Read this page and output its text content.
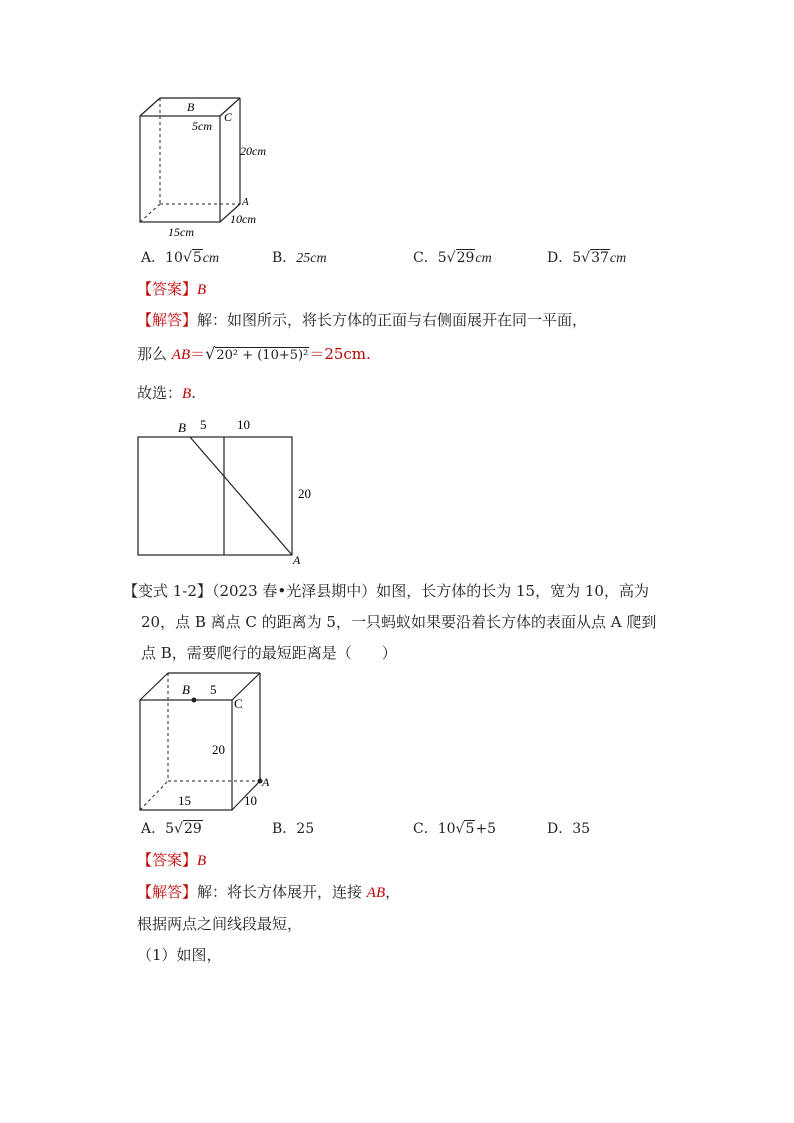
B
C
A
5cm
20cm
15cm
10cm
A．10√5cm	B．25cm	C．5√29cm	D．5√37cm
【答案】B
【解答】解：如图所示，将长方体的正面与右侧面展开在同一平面，
那么 AB＝√20² + (10+5)²＝25cm.
故选：B.
B 5 10
20
A
【变式 1-2】（2023 春•光泽县期中）如图，长方体的长为 15，宽为 10，高为
20，点 B 离点 C 的距离为 5，一只蚂蚁如果要沿着长方体的表面从点 A 爬到
点 B，需要爬行的最短距离是（　　）
B 5
C
20
A
15	10
A．5√29	B．25	C．10√5+5	D．35
【答案】B
【解答】解：将长方体展开，连接 AB，
根据两点之间线段最短，
（1）如图，
